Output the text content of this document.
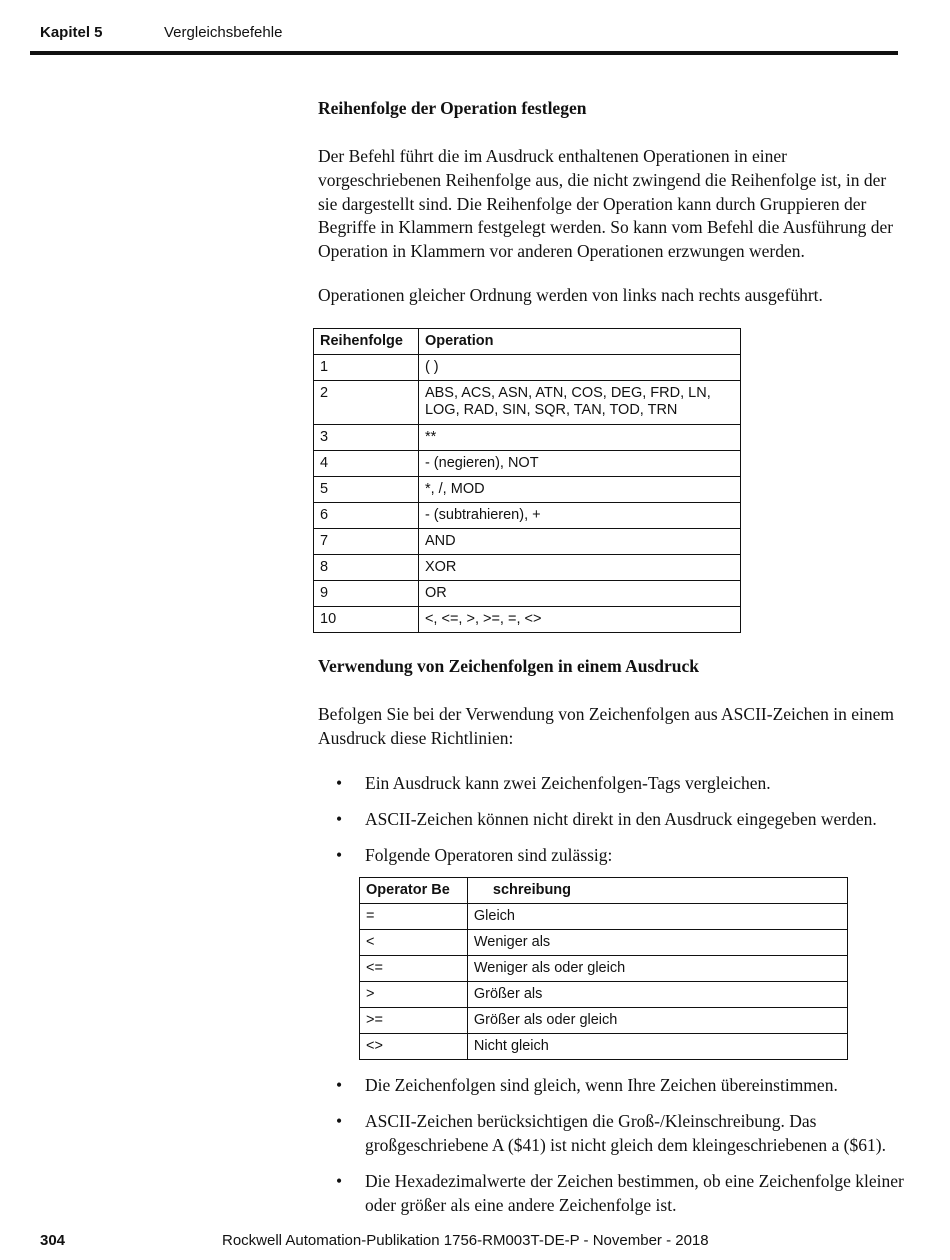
Kapitel 5	Vergleichsbefehle
Reihenfolge der Operation festlegen

Der Befehl führt die im Ausdruck enthaltenen Operationen in einer vorgeschriebenen Reihenfolge aus, die nicht zwingend die Reihenfolge ist, in der sie dargestellt sind. Die Reihenfolge der Operation kann durch Gruppieren der Begriffe in Klammern festgelegt werden. So kann vom Befehl die Ausführung der Operation in Klammern vor anderen Operationen erzwungen werden.

Operationen gleicher Ordnung werden von links nach rechts ausgeführt.

Reihenfolge	Operation
1	( )
2	ABS, ACS, ASN, ATN, COS, DEG, FRD, LN, LOG, RAD, SIN, SQR, TAN, TOD, TRN
3	**
4	- (negieren), NOT
5	*, /, MOD
6	- (subtrahieren), +
7	AND
8	XOR
9	OR
10	<, <=, >, >=, =, <>
Verwendung von Zeichenfolgen in einem Ausdruck

Befolgen Sie bei der Verwendung von Zeichenfolgen aus ASCII-Zeichen in einem Ausdruck diese Richtlinien:

• Ein Ausdruck kann zwei Zeichenfolgen-Tags vergleichen.
• ASCII-Zeichen können nicht direkt in den Ausdruck eingegeben werden.
• Folgende Operatoren sind zulässig:
Operator Be	schreibung
=	Gleich
<	Weniger als
<=	Weniger als oder gleich
>	Größer als
>=	Größer als oder gleich
<>	Nicht gleich
• Die Zeichenfolgen sind gleich, wenn Ihre Zeichen übereinstimmen.
• ASCII-Zeichen berücksichtigen die Groß-/Kleinschreibung. Das großgeschriebene A ($41) ist nicht gleich dem kleingeschriebenen a ($61).
• Die Hexadezimalwerte der Zeichen bestimmen, ob eine Zeichenfolge kleiner oder größer als eine andere Zeichenfolge ist.
304	Rockwell Automation-Publikation 1756-RM003T-DE-P - November - 2018
